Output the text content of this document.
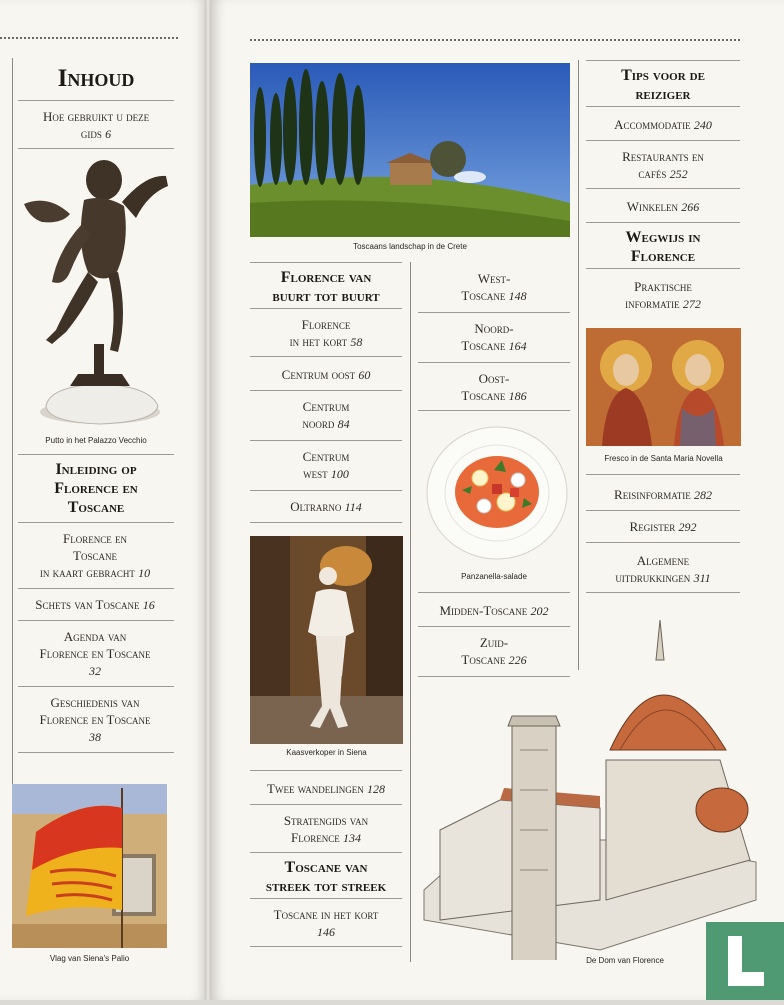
Inhoud
Hoe gebruikt u deze
gids 6
Putto in het Palazzo Vecchio
Inleiding op
Florence en
Toscane
Florence en
Toscane
in kaart gebracht 10
Schets van Toscane 16
Agenda van
Florence en Toscane
32
Geschiedenis van
Florence en Toscane
38
Vlag van Siena's Palio
Toscaans landschap in de Crete
Florence van
buurt tot buurt
Florence
in het kort 58
Centrum oost 60
Centrum
noord 84
Centrum
west 100
Oltrarno 114
Kaasverkoper in Siena
Twee wandelingen 128
Stratengids van
Florence 134
Toscane van
streek tot streek
Toscane in het kort
146
West-
Toscane 148
Noord-
Toscane 164
Oost-
Toscane 186
Panzanella-salade
Midden-Toscane 202
Zuid-
Toscane 226
Tips voor de
reiziger
Accommodatie 240
Restaurants en
cafés 252
Winkelen 266
Wegwijs in
Florence
Praktische
informatie 272
Fresco in de Santa Maria Novella
Reisinformatie 282
Register 292
Algemene
uitdrukkingen 311
De Dom van Florence
